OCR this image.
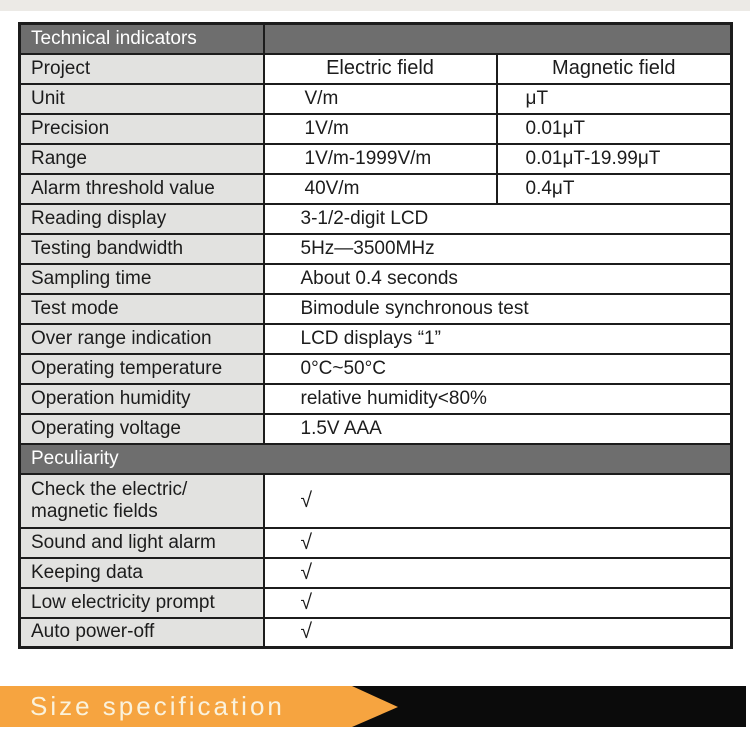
Technical indicators		
Project	Electric field	Magnetic field
Unit	V/m	μT
Precision	1V/m	0.01μT
Range	1V/m-1999V/m	0.01μT-19.99μT
Alarm threshold value	40V/m	0.4μT
Reading display	3-1/2-digit LCD	
Testing bandwidth	5Hz—3500MHz	
Sampling time	About 0.4 seconds	
Test mode	Bimodule synchronous test	
Over range indication	LCD displays “1”	
Operating temperature	0°C~50°C	
Operation humidity	relative humidity<80%	
Operating voltage	1.5V AAA	
Peculiarity		

Check the electric/
magnetic fields	√	
Sound and light alarm	√	
Keeping data	√	
Low electricity prompt	√	
Auto power-off	√	
Size specification
